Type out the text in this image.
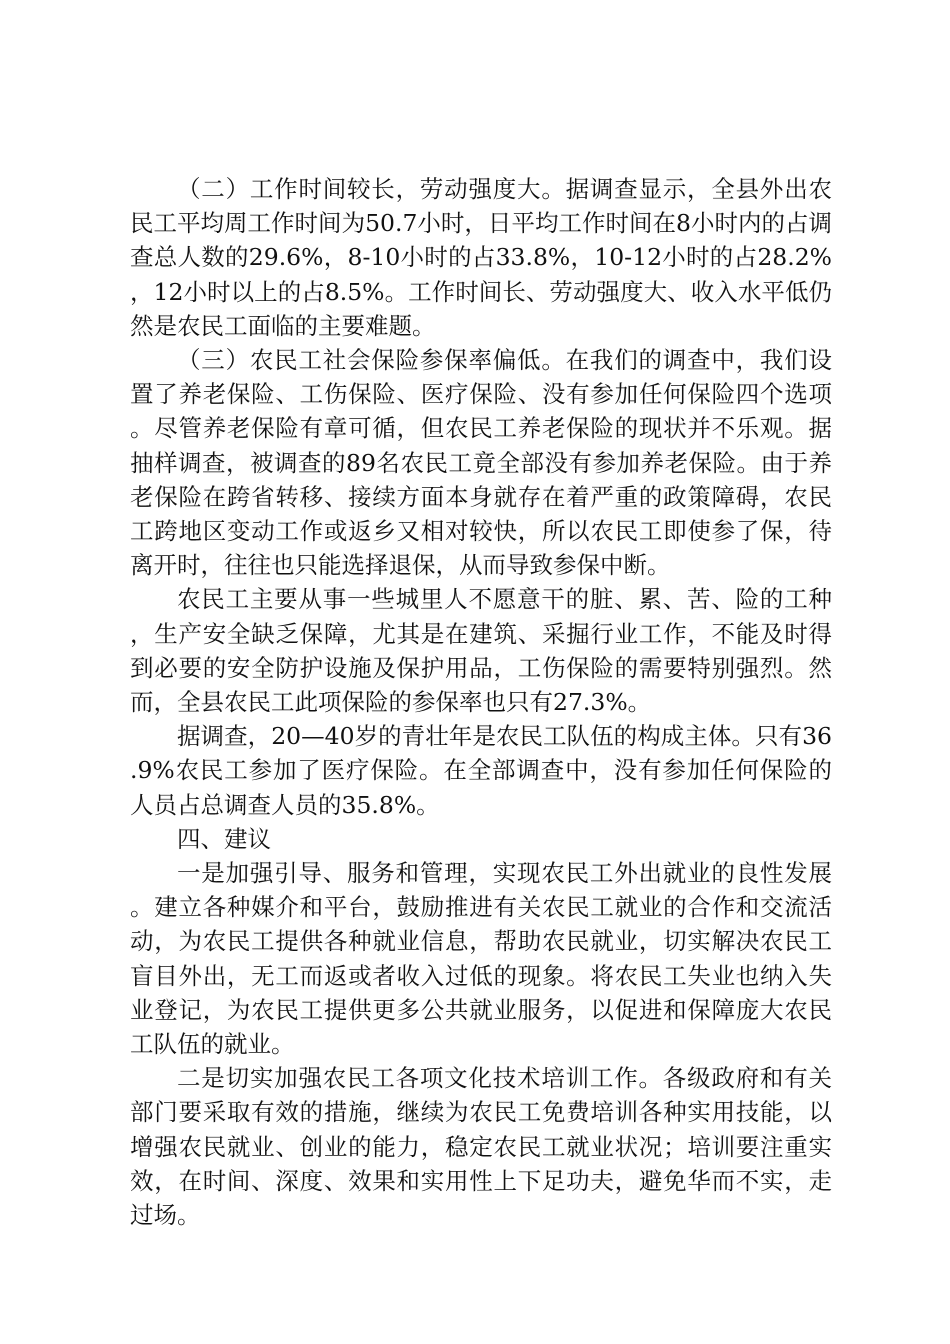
（二）工作时间较长，劳动强度大。据调查显示，全县外出农民工平均周工作时间为50.7小时，日平均工作时间在8小时内的占调查总人数的29.6%，8-10小时的占33.8%，10-12小时的占28.2%，12小时以上的占8.5%。工作时间长、劳动强度大、收入水平低仍然是农民工面临的主要难题。

（三）农民工社会保险参保率偏低。在我们的调查中，我们设置了养老保险、工伤保险、医疗保险、没有参加任何保险四个选项。尽管养老保险有章可循，但农民工养老保险的现状并不乐观。据抽样调查，被调查的89名农民工竟全部没有参加养老保险。由于养老保险在跨省转移、接续方面本身就存在着严重的政策障碍，农民工跨地区变动工作或返乡又相对较快，所以农民工即使参了保，待离开时，往往也只能选择退保，从而导致参保中断。

农民工主要从事一些城里人不愿意干的脏、累、苦、险的工种，生产安全缺乏保障，尤其是在建筑、采掘行业工作，不能及时得到必要的安全防护设施及保护用品，工伤保险的需要特别强烈。然而，全县农民工此项保险的参保率也只有27.3%。

据调查，20—40岁的青壮年是农民工队伍的构成主体。只有36.9%农民工参加了医疗保险。在全部调查中，没有参加任何保险的人员占总调查人员的35.8%。

四、建议

一是加强引导、服务和管理，实现农民工外出就业的良性发展。建立各种媒介和平台，鼓励推进有关农民工就业的合作和交流活动，为农民工提供各种就业信息，帮助农民就业，切实解决农民工盲目外出，无工而返或者收入过低的现象。将农民工失业也纳入失业登记，为农民工提供更多公共就业服务，以促进和保障庞大农民工队伍的就业。

二是切实加强农民工各项文化技术培训工作。各级政府和有关部门要采取有效的措施，继续为农民工免费培训各种实用技能，以增强农民就业、创业的能力，稳定农民工就业状况；培训要注重实效，在时间、深度、效果和实用性上下足功夫，避免华而不实，走过场。
